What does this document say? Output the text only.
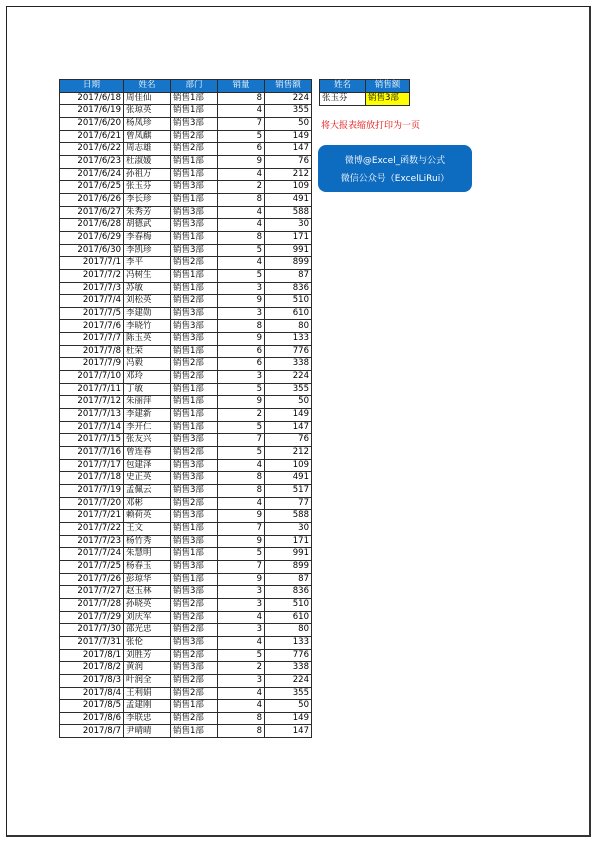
日期	姓名	部门	销量	销售额
2017/6/18	周佳仙	销售1部	8	224
2017/6/19	张琼英	销售1部	4	355
2017/6/20	杨凤珍	销售3部	7	50
2017/6/21	曾凤麒	销售2部	5	149
2017/6/22	周志雄	销售2部	6	147
2017/6/23	杜淑媛	销售1部	9	76
2017/6/24	孙祖万	销售1部	4	212
2017/6/25	张玉芬	销售3部	2	109
2017/6/26	李长珍	销售1部	8	491
2017/6/27	朱秀芳	销售3部	4	588
2017/6/28	胡德武	销售3部	4	30
2017/6/29	李春梅	销售1部	8	171
2017/6/30	李凯珍	销售3部	5	991
2017/7/1	李平	销售2部	4	899
2017/7/2	冯树生	销售1部	5	87
2017/7/3	苏敏	销售1部	3	836
2017/7/4	刘松英	销售2部	9	510
2017/7/5	李建勋	销售3部	3	610
2017/7/6	李晓竹	销售3部	8	80
2017/7/7	陈玉英	销售3部	9	133
2017/7/8	杜荣	销售1部	6	776
2017/7/9	冯毅	销售2部	6	338
2017/7/10	邓玲	销售2部	3	224
2017/7/11	丁敏	销售1部	5	355
2017/7/12	朱丽萍	销售1部	9	50
2017/7/13	李建新	销售1部	2	149
2017/7/14	李开仁	销售1部	5	147
2017/7/15	张友兴	销售3部	7	76
2017/7/16	曾连春	销售2部	5	212
2017/7/17	包建泽	销售3部	4	109
2017/7/18	史正英	销售3部	8	491
2017/7/19	孟佩云	销售3部	8	517
2017/7/20	邓彬	销售2部	4	77
2017/7/21	赖荷英	销售3部	9	588
2017/7/22	王文	销售1部	7	30
2017/7/23	杨竹秀	销售3部	9	171
2017/7/24	朱慧明	销售1部	5	991
2017/7/25	杨春玉	销售3部	7	899
2017/7/26	彭琼华	销售1部	9	87
2017/7/27	赵玉林	销售3部	3	836
2017/7/28	孙晓英	销售2部	3	510
2017/7/29	刘庆军	销售2部	4	610
2017/7/30	邵光忠	销售2部	3	80
2017/7/31	张伦	销售3部	4	133
2017/8/1	刘胜芳	销售2部	5	776
2017/8/2	黄润	销售3部	2	338
2017/8/3	叶润全	销售2部	3	224
2017/8/4	王利娟	销售2部	4	355
2017/8/5	孟建刚	销售1部	4	50
2017/8/6	李联忠	销售2部	8	149
2017/8/7	尹晴晴	销售1部	8	147
姓名	销售额
张玉芬	销售3部
将大报表缩放打印为一页
微博@Excel_函数与公式
微信公众号（ExcelLiRui）
